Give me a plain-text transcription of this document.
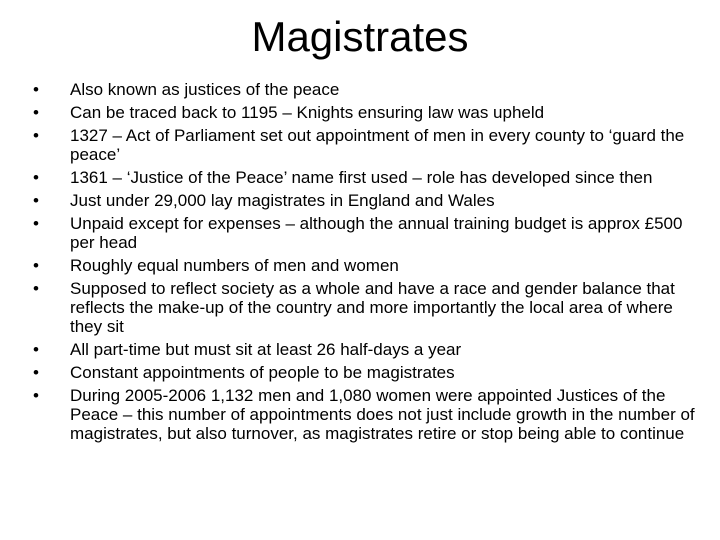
Magistrates
• Also known as justices of the peace
• Can be traced back to 1195 – Knights ensuring law was upheld
• 1327 – Act of Parliament set out appointment of men in every county to ‘guard the peace’
• 1361 – ‘Justice of the Peace’ name first used – role has developed since then
• Just under 29,000 lay magistrates in England and Wales
• Unpaid except for expenses – although the annual training budget is approx £500 per head
• Roughly equal numbers of men and women
• Supposed to reflect society as a whole and have a race and gender balance that reflects the make-up of the country and more importantly the local area of where they sit
• All part-time but must sit at least 26 half-days a year
• Constant appointments of people to be magistrates
• During 2005-2006 1,132 men and 1,080 women were appointed Justices of the Peace – this number of appointments does not just include growth in the number of magistrates, but also turnover, as magistrates retire or stop being able to continue
